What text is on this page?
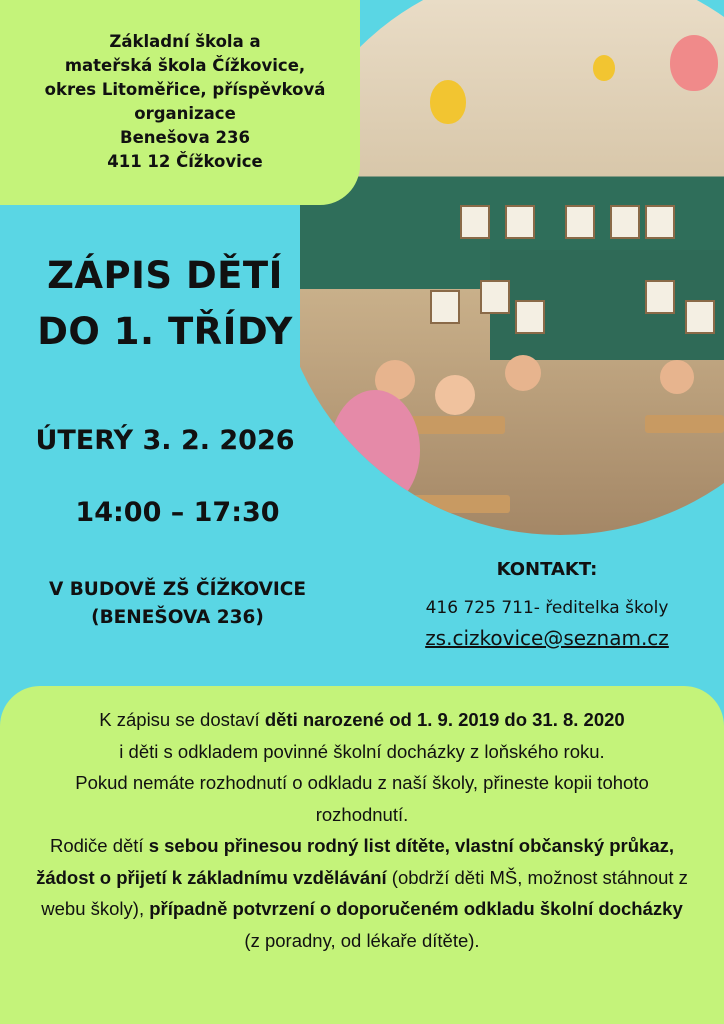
Základní škola a
mateřská škola Čížkovice,
okres Litoměřice, příspěvková
organizace
Benešova 236
411 12 Čížkovice
ZÁPIS DĚTÍ
DO 1. TŘÍDY
ÚTERÝ 3. 2. 2026
14:00 – 17:30
V BUDOVĚ ZŠ ČÍŽKOVICE
(BENEŠOVA 236)
KONTAKT:
416 725 711- ředitelka školy
zs.cizkovice@seznam.cz
K zápisu se dostaví děti narozené od 1. 9. 2019 do 31. 8. 2020
i děti s odkladem povinné školní docházky z loňského roku.
Pokud nemáte rozhodnutí o odkladu z naší školy, přineste kopii tohoto rozhodnutí.
Rodiče dětí s sebou přinesou rodný list dítěte, vlastní občanský průkaz, žádost o přijetí k základnímu vzdělávání (obdrží děti MŠ, možnost stáhnout z webu školy), případně potvrzení o doporučeném odkladu školní docházky
(z poradny, od lékaře dítěte).
